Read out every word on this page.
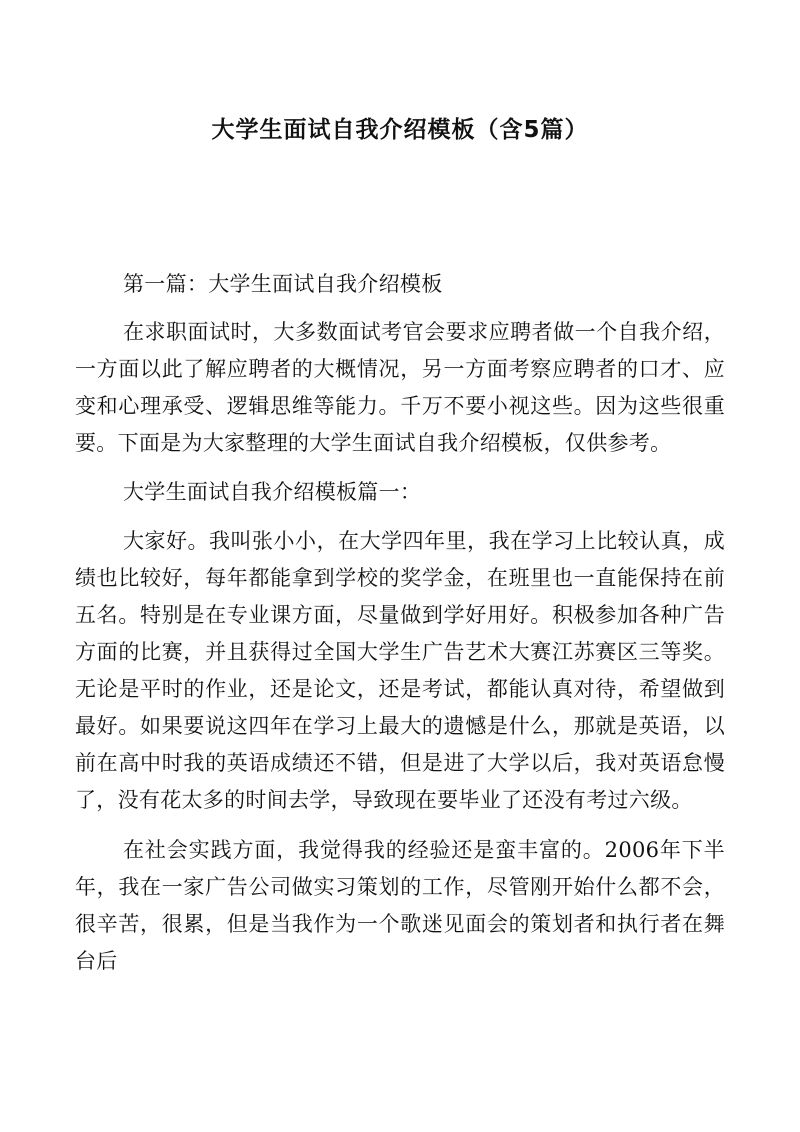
大学生面试自我介绍模板（含5篇）

第一篇：大学生面试自我介绍模板

在求职面试时，大多数面试考官会要求应聘者做一个自我介绍，一方面以此了解应聘者的大概情况，另一方面考察应聘者的口才、应变和心理承受、逻辑思维等能力。千万不要小视这些。因为这些很重要。下面是为大家整理的大学生面试自我介绍模板，仅供参考。

大学生面试自我介绍模板篇一：

大家好。我叫张小小，在大学四年里，我在学习上比较认真，成绩也比较好，每年都能拿到学校的奖学金，在班里也一直能保持在前五名。特别是在专业课方面，尽量做到学好用好。积极参加各种广告方面的比赛，并且获得过全国大学生广告艺术大赛江苏赛区三等奖。无论是平时的作业，还是论文，还是考试，都能认真对待，希望做到最好。如果要说这四年在学习上最大的遗憾是什么，那就是英语，以前在高中时我的英语成绩还不错，但是进了大学以后，我对英语怠慢了，没有花太多的时间去学，导致现在要毕业了还没有考过六级。

在社会实践方面，我觉得我的经验还是蛮丰富的。2006年下半年，我在一家广告公司做实习策划的工作，尽管刚开始什么都不会，很辛苦，很累，但是当我作为一个歌迷见面会的策划者和执行者在舞台后
